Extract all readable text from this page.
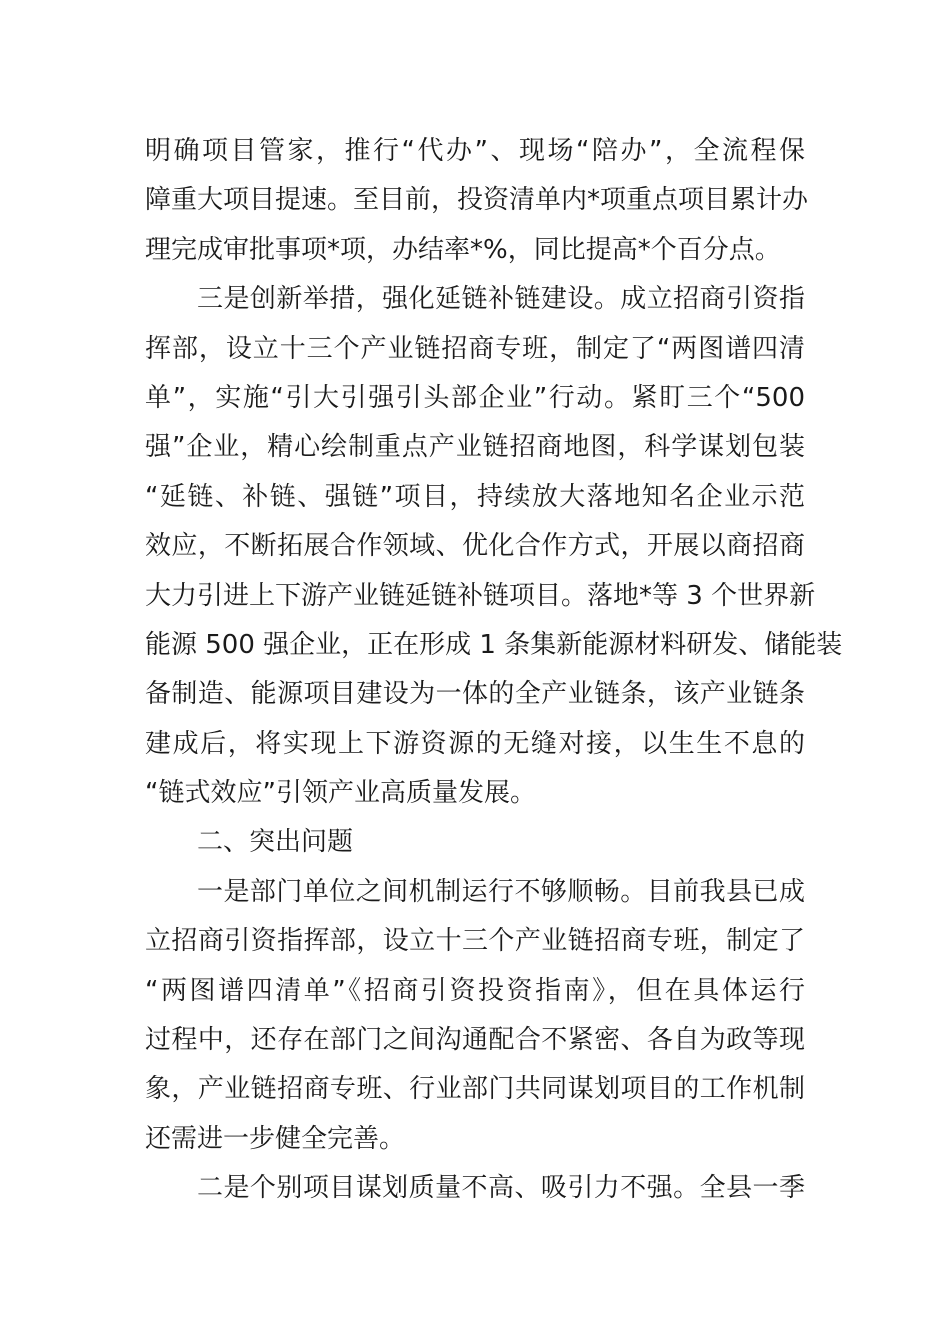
明确项目管家，推行“代办”、现场“陪办”，全流程保
障重大项目提速。至目前，投资清单内*项重点项目累计办
理完成审批事项*项，办结率*%，同比提高*个百分点。
三是创新举措，强化延链补链建设。成立招商引资指
挥部，设立十三个产业链招商专班，制定了“两图谱四清
单”，实施“引大引强引头部企业”行动。紧盯三个“500
强”企业，精心绘制重点产业链招商地图，科学谋划包装
“延链、补链、强链”项目，持续放大落地知名企业示范
效应，不断拓展合作领域、优化合作方式，开展以商招商
大力引进上下游产业链延链补链项目。落地*等 3 个世界新
能源 500 强企业，正在形成 1 条集新能源材料研发、储能装
备制造、能源项目建设为一体的全产业链条，该产业链条
建成后，将实现上下游资源的无缝对接，以生生不息的
“链式效应”引领产业高质量发展。
二、突出问题
一是部门单位之间机制运行不够顺畅。目前我县已成
立招商引资指挥部，设立十三个产业链招商专班，制定了
“两图谱四清单”《招商引资投资指南》，但在具体运行
过程中，还存在部门之间沟通配合不紧密、各自为政等现
象，产业链招商专班、行业部门共同谋划项目的工作机制
还需进一步健全完善。
二是个别项目谋划质量不高、吸引力不强。全县一季
